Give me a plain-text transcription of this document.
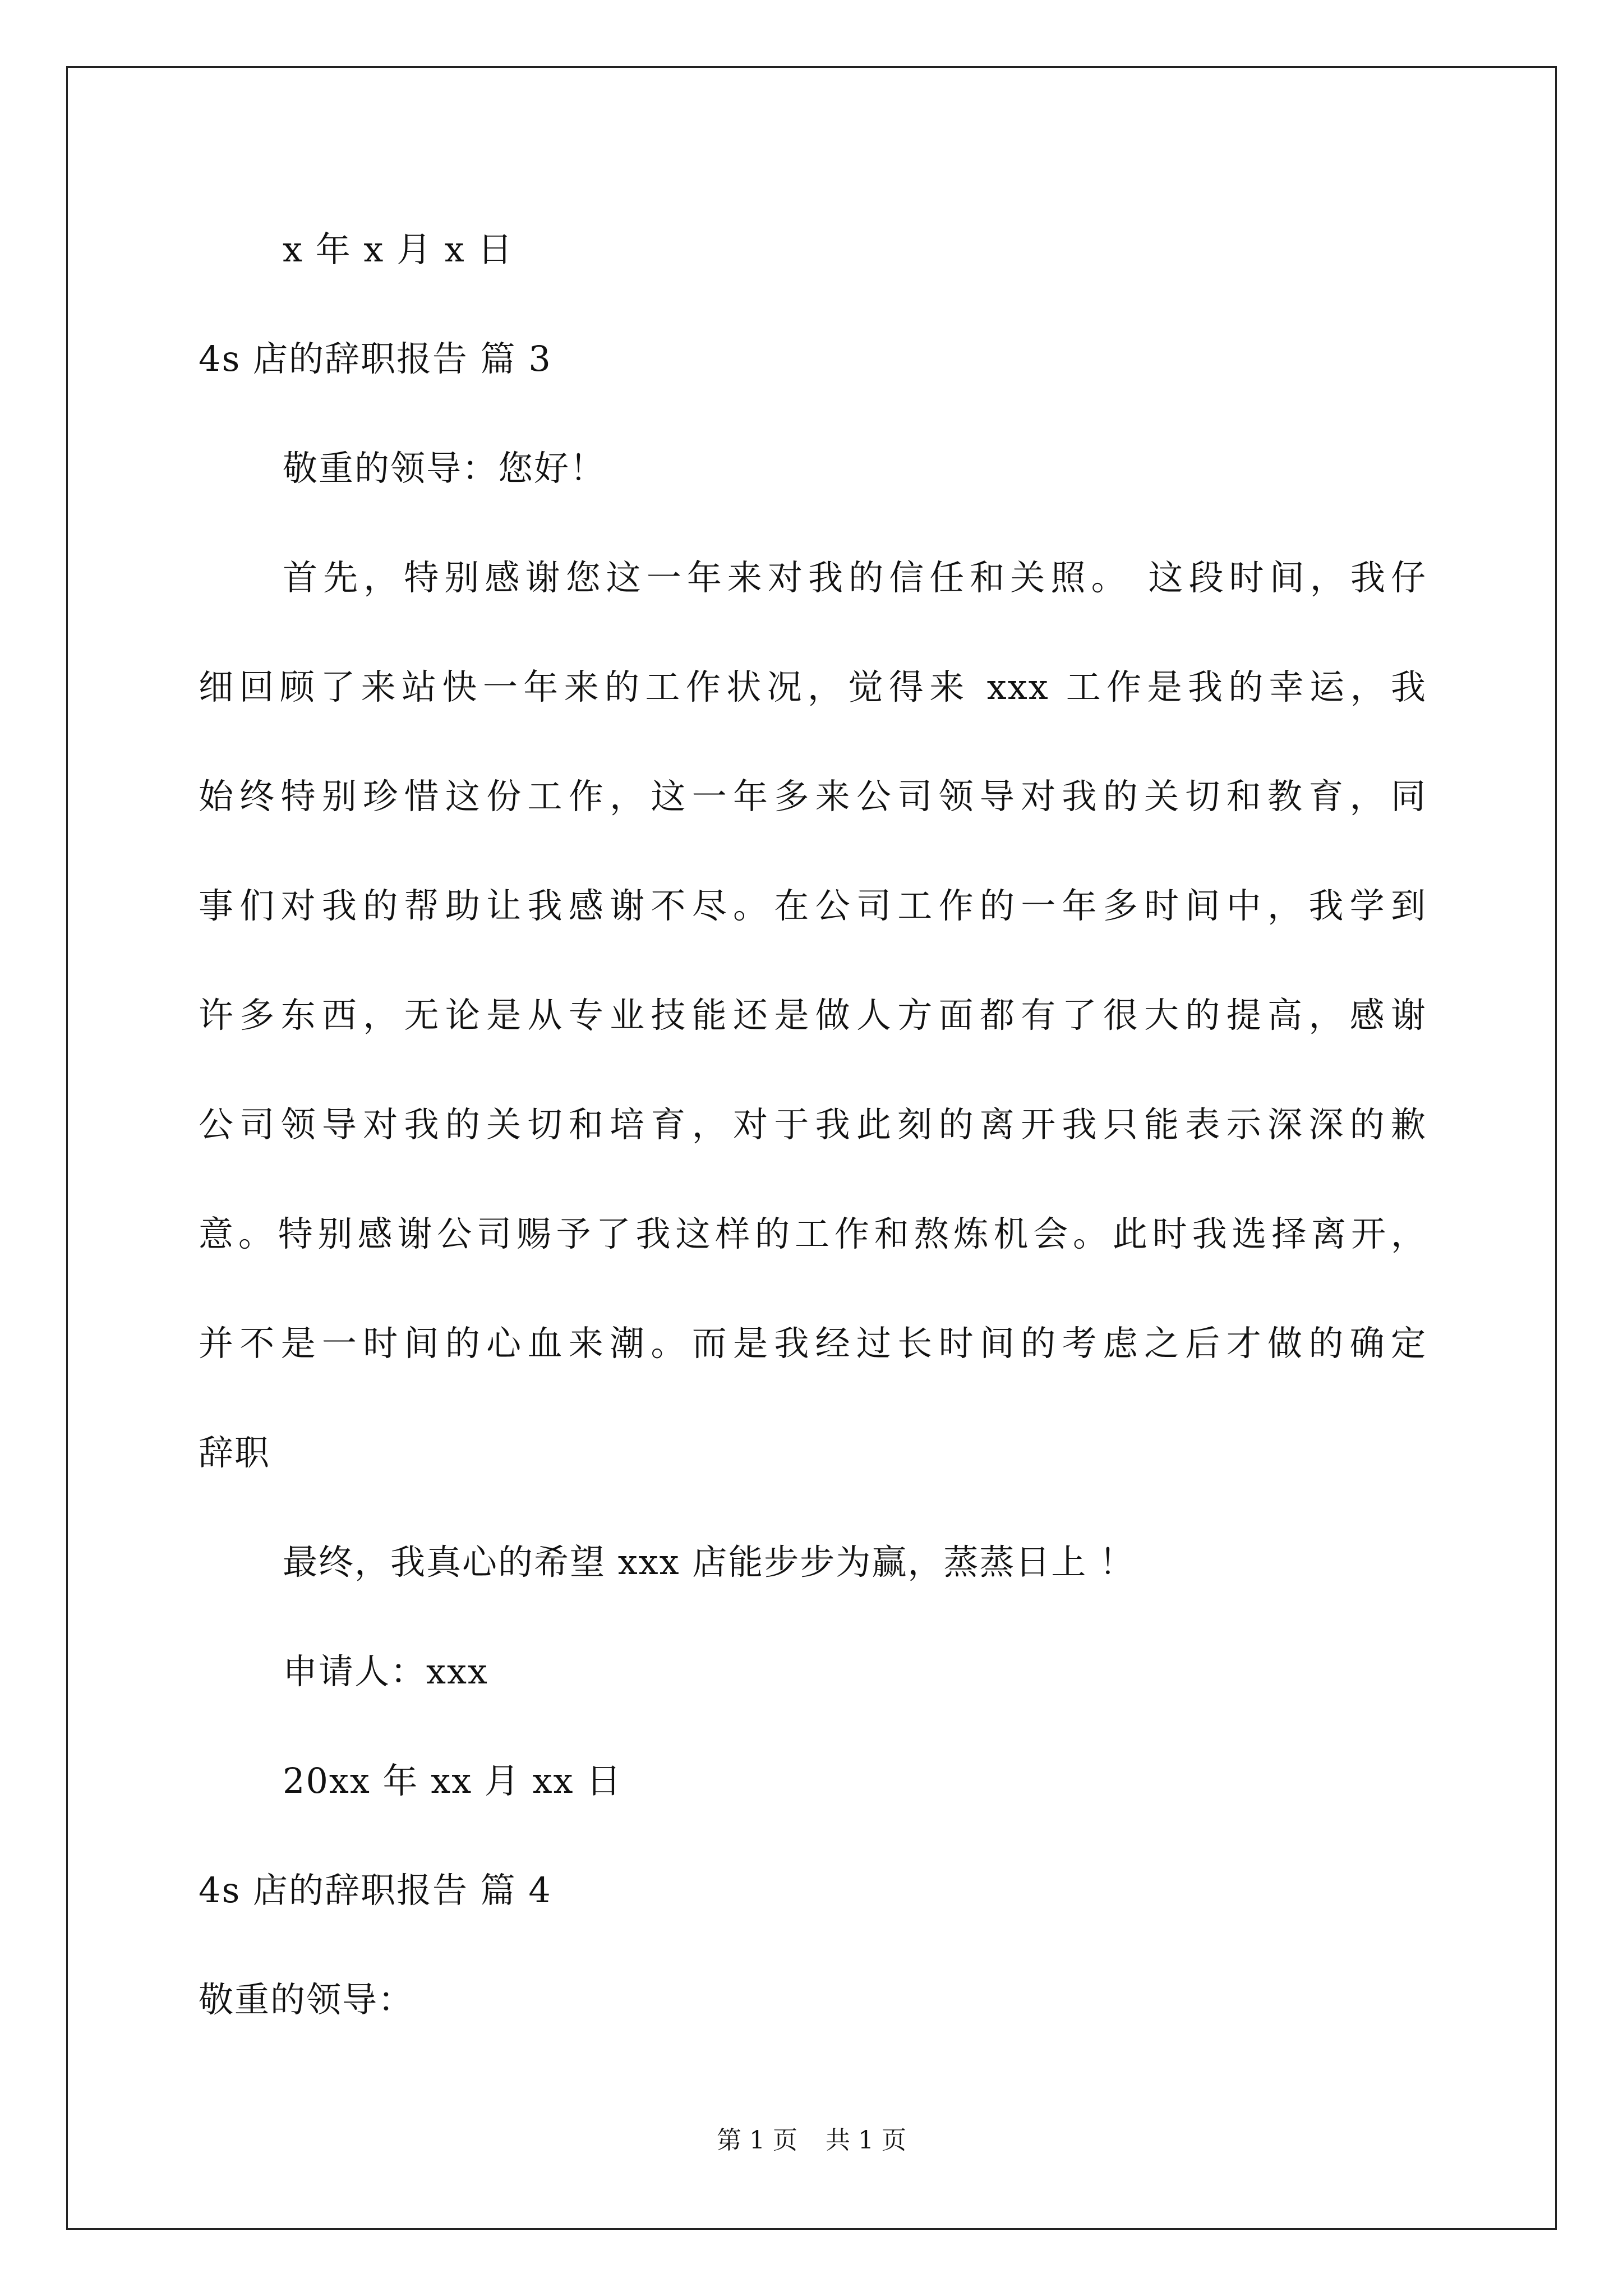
x 年 x 月 x 日
4s 店的辞职报告 篇 3
敬重的领导：您好！
首先，特别感谢您这一年来对我的信任和关照。 这段时间，我仔
细回顾了来站快一年来的工作状况，觉得来 xxx 工作是我的幸运，我
始终特别珍惜这份工作，这一年多来公司领导对我的关切和教育，同
事们对我的帮助让我感谢不尽。在公司工作的一年多时间中，我学到
许多东西，无论是从专业技能还是做人方面都有了很大的提高，感谢
公司领导对我的关切和培育，对于我此刻的离开我只能表示深深的歉
意。特别感谢公司赐予了我这样的工作和熬炼机会。此时我选择离开，
并不是一时间的心血来潮。而是我经过长时间的考虑之后才做的确定
辞职
最终，我真心的希望 xxx 店能步步为赢，蒸蒸日上 ！
申请人：xxx
20xx 年 xx 月 xx 日
4s 店的辞职报告 篇 4
敬重的领导：
第 1 页 共 1 页
